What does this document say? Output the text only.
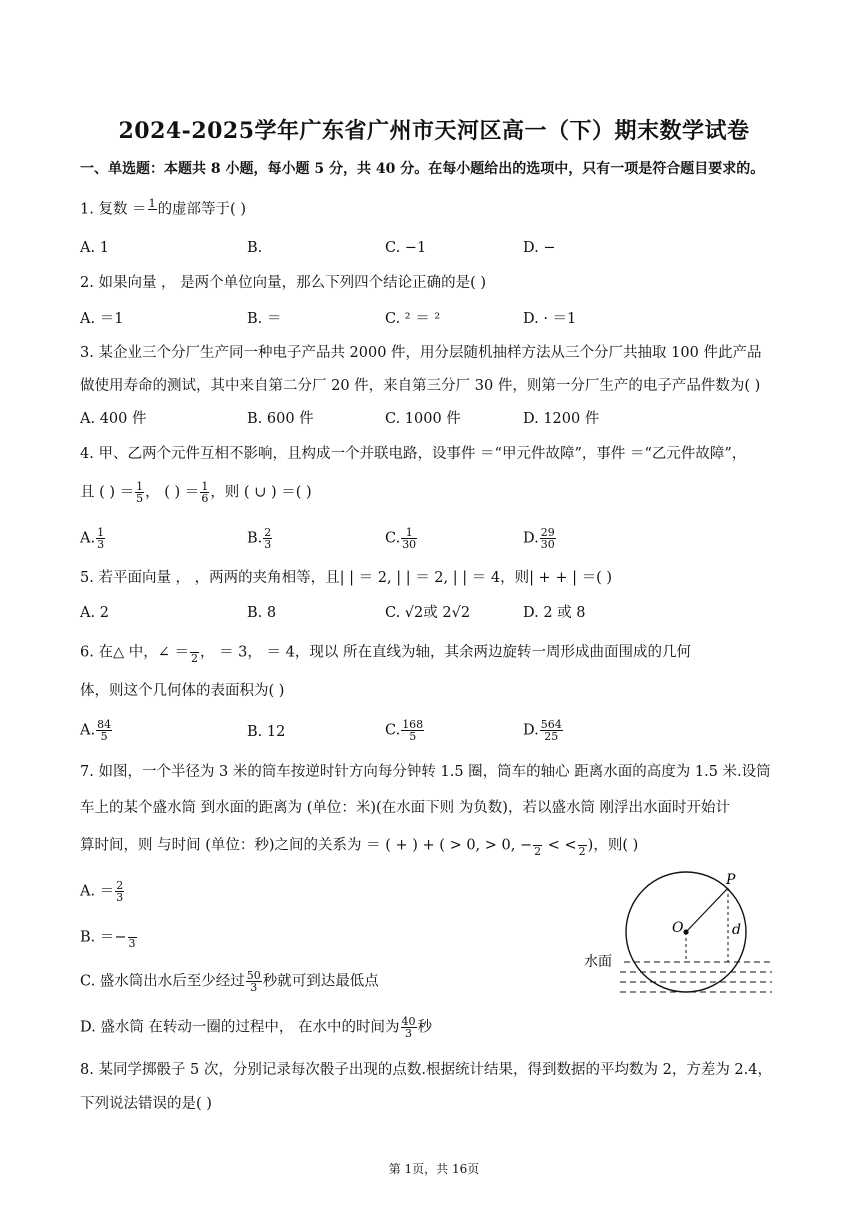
2024-2025学年广东省广州市天河区高一（下）期末数学试卷
一、单选题：本题共 8 小题，每小题 5 分，共 40 分。在每小题给出的选项中，只有一项是符合题目要求的。
1. 复数 ＝ 1
的虚部等于( )
A. 1	B.	C. −1	D. −
2. 如果向量 ， 是两个单位向量，那么下列四个结论正确的是( )
A. ＝1	B. ＝	C. ² ＝ ²	D. · ＝1
3. 某企业三个分厂生产同一种电子产品共 2000 件，用分层随机抽样方法从三个分厂共抽取 100 件此产品
做使用寿命的测试，其中来自第二分厂 20 件，来自第三分厂 30 件，则第一分厂生产的电子产品件数为( )
A. 400 件	B. 600 件	C. 1000 件	D. 1200 件
4. 甲、乙两个元件互相不影响，且构成一个并联电路，设事件 ＝“甲元件故障”，事件 ＝“乙元件故障”，
且 ( ) ＝ $\frac{1}{5}$ ， ( ) ＝ $\frac{1}{6}$ ，则 ( ∪ ) ＝( )
A. $\frac{1}{3}$	B. $\frac{2}{3}$	C. $\frac{1}{30}$	D. $\frac{29}{30}$
5. 若平面向量 ， ，两两的夹角相等，且| | ＝ 2, | | ＝ 2, | | ＝ 4，则| + + | ＝( )
A. 2	B. 8	C. √2或 2√2	D. 2 或 8
6. 在△ 中，∠ ＝
2 ， ＝ 3， ＝ 4，现以 所在直线为轴，其余两边旋转一周形成曲面围成的几何
体，则这个几何体的表面积为( )
A. $\frac{84}{5}$	B. 12	C. $\frac{168}{5}$	D. $\frac{564}{25}$
7. 如图，一个半径为 3 米的筒车按逆时针方向每分钟转 1.5 圈，筒车的轴心 距离水面的高度为 1.5 米.设筒
车上的某个盛水筒 到水面的距离为 (单位：米)(在水面下则 为负数)，若以盛水筒 刚浮出水面时开始计
算时间，则 与时间 (单位：秒)之间的关系为 ＝ ( + ) + ( > 0, > 0, −
2 < <
2 )，则( )
A. ＝ $\frac{2}{3}$
B. ＝−
3
C. 盛水筒出水后至少经过 $\frac{50}{3}$ 秒就可到达最低点
D. 盛水筒 在转动一圈的过程中， 在水中的时间为 $\frac{40}{3}$ 秒
P
O	d
水面
8. 某同学掷骰子 5 次，分别记录每次骰子出现的点数.根据统计结果，得到数据的平均数为 2，方差为 2.4，
下列说法错误的是( )
第 1页，共 16页
